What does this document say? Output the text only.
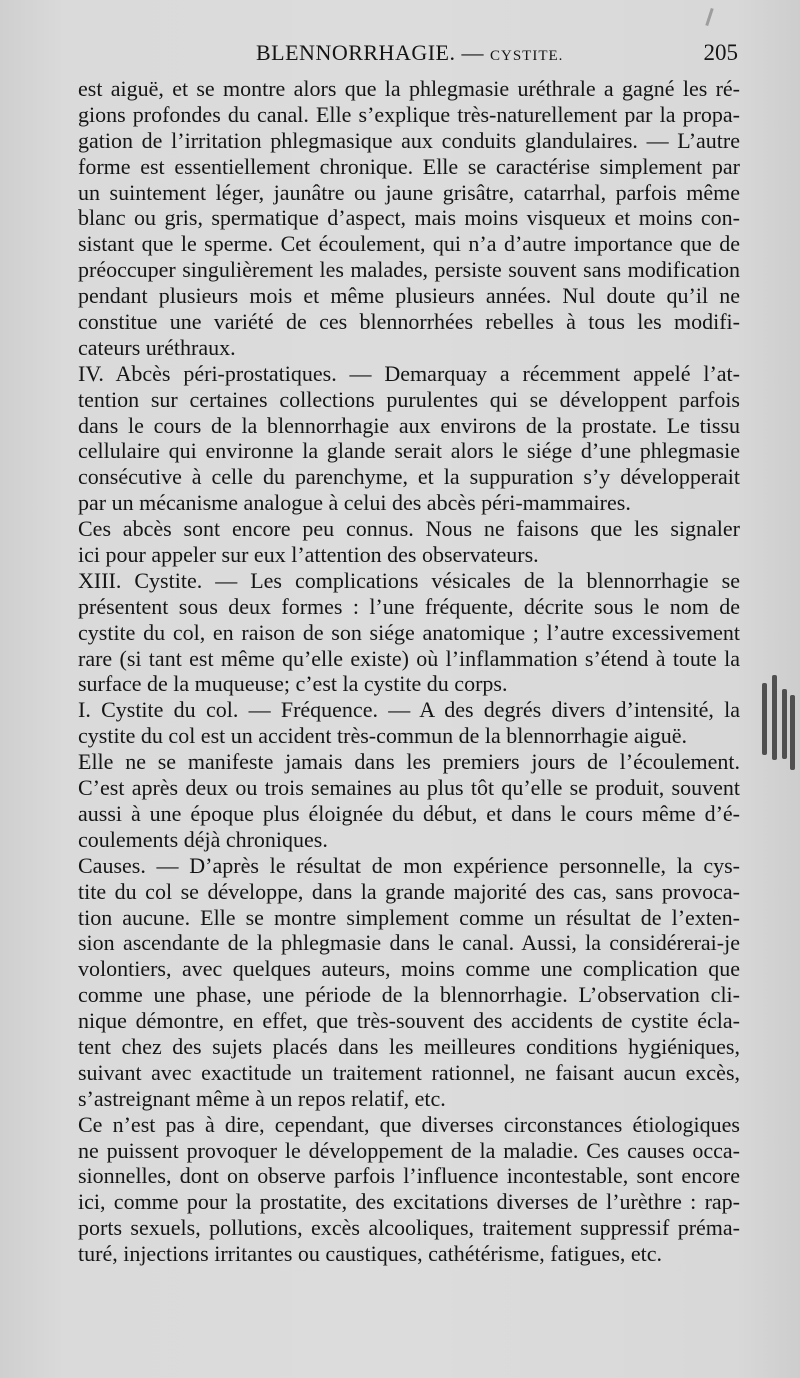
BLENNORRHAGIE. — CYSTITE.	205
est aiguë, et se montre alors que la phlegmasie uréthrale a gagné les ré-
gions profondes du canal. Elle s’explique très-naturellement par la propa-
gation de l’irritation phlegmasique aux conduits glandulaires. — L’autre
forme est essentiellement chronique. Elle se caractérise simplement par
un suintement léger, jaunâtre ou jaune grisâtre, catarrhal, parfois même
blanc ou gris, spermatique d’aspect, mais moins visqueux et moins con-
sistant que le sperme. Cet écoulement, qui n’a d’autre importance que de
préoccuper singulièrement les malades, persiste souvent sans modification
pendant plusieurs mois et même plusieurs années. Nul doute qu’il ne
constitue une variété de ces blennorrhées rebelles à tous les modifi-
cateurs uréthraux.
IV. Abcès péri-prostatiques. — Demarquay a récemment appelé l’at-
tention sur certaines collections purulentes qui se développent parfois
dans le cours de la blennorrhagie aux environs de la prostate. Le tissu
cellulaire qui environne la glande serait alors le siége d’une phlegmasie
consécutive à celle du parenchyme, et la suppuration s’y développerait
par un mécanisme analogue à celui des abcès péri-mammaires.
Ces abcès sont encore peu connus. Nous ne faisons que les signaler
ici pour appeler sur eux l’attention des observateurs.
XIII. Cystite. — Les complications vésicales de la blennorrhagie se
présentent sous deux formes : l’une fréquente, décrite sous le nom de
cystite du col, en raison de son siége anatomique ; l’autre excessivement
rare (si tant est même qu’elle existe) où l’inflammation s’étend à toute la
surface de la muqueuse; c’est la cystite du corps.
I. Cystite du col. — Fréquence. — A des degrés divers d’intensité, la
cystite du col est un accident très-commun de la blennorrhagie aiguë.
Elle ne se manifeste jamais dans les premiers jours de l’écoulement.
C’est après deux ou trois semaines au plus tôt qu’elle se produit, souvent
aussi à une époque plus éloignée du début, et dans le cours même d’é-
coulements déjà chroniques.
Causes. — D’après le résultat de mon expérience personnelle, la cys-
tite du col se développe, dans la grande majorité des cas, sans provoca-
tion aucune. Elle se montre simplement comme un résultat de l’exten-
sion ascendante de la phlegmasie dans le canal. Aussi, la considérerai-je
volontiers, avec quelques auteurs, moins comme une complication que
comme une phase, une période de la blennorrhagie. L’observation cli-
nique démontre, en effet, que très-souvent des accidents de cystite écla-
tent chez des sujets placés dans les meilleures conditions hygiéniques,
suivant avec exactitude un traitement rationnel, ne faisant aucun excès,
s’astreignant même à un repos relatif, etc.
Ce n’est pas à dire, cependant, que diverses circonstances étiologiques
ne puissent provoquer le développement de la maladie. Ces causes occa-
sionnelles, dont on observe parfois l’influence incontestable, sont encore
ici, comme pour la prostatite, des excitations diverses de l’urèthre : rap-
ports sexuels, pollutions, excès alcooliques, traitement suppressif préma-
turé, injections irritantes ou caustiques, cathétérisme, fatigues, etc.
